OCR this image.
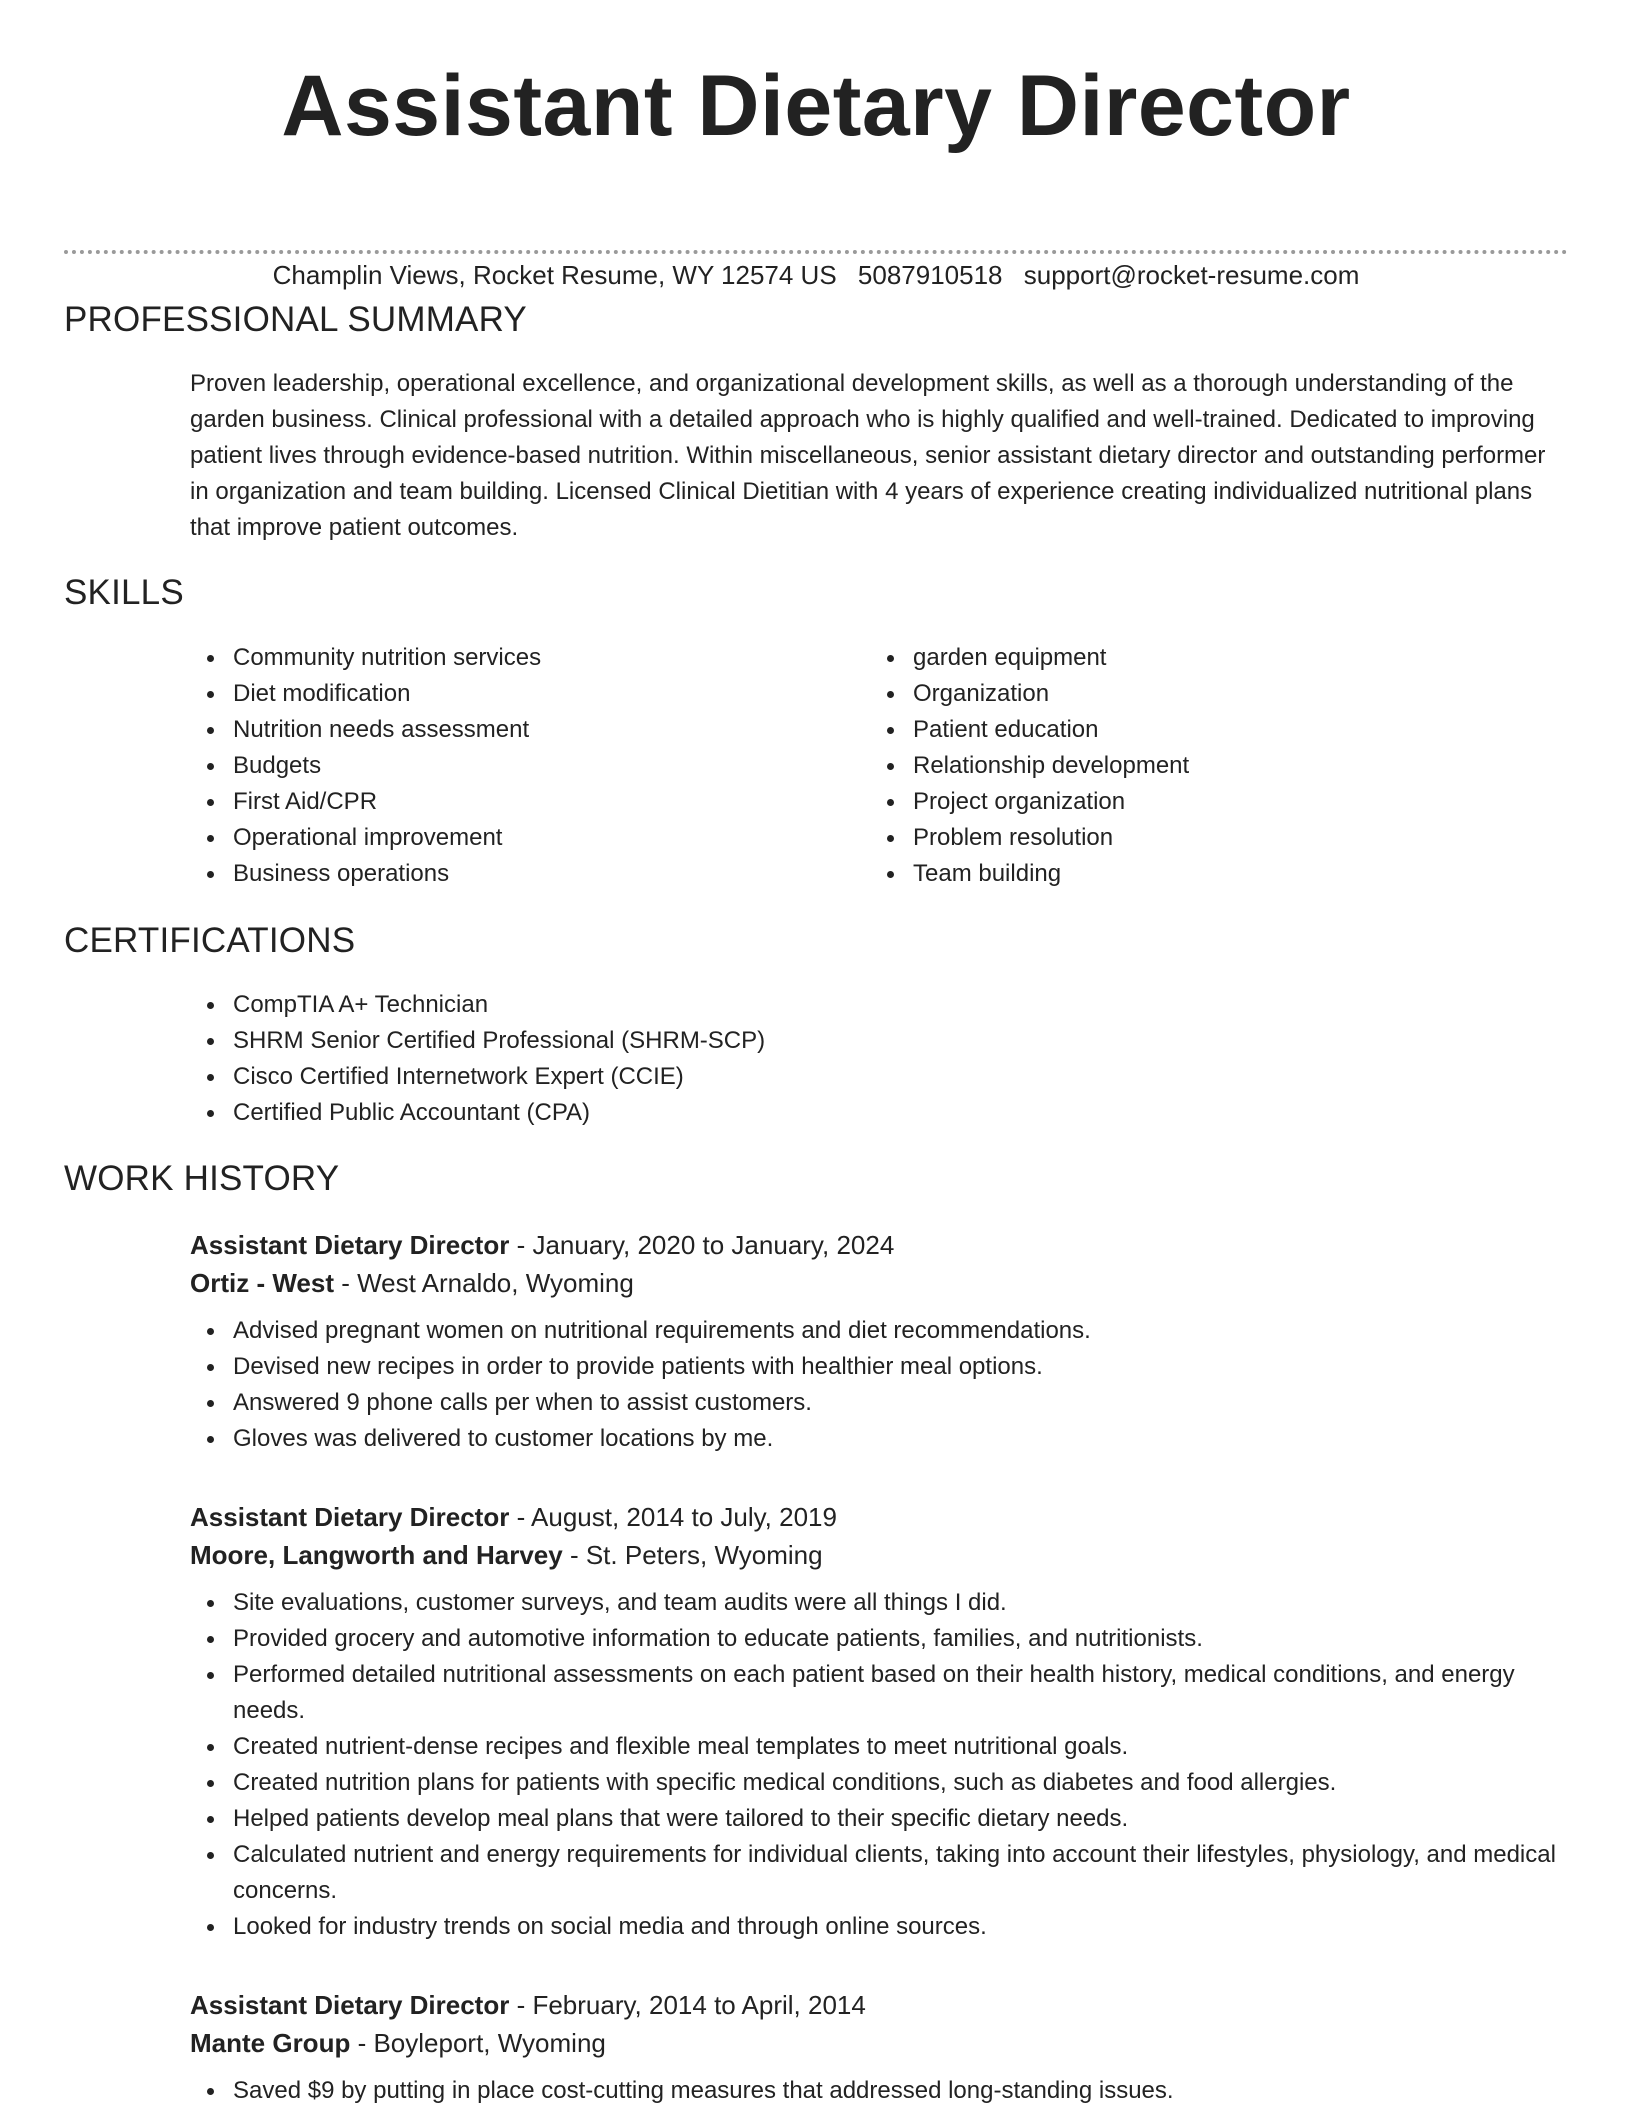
Assistant Dietary Director
Champlin Views, Rocket Resume, WY 12574 US 5087910518 support@rocket-resume.com
PROFESSIONAL SUMMARY

Proven leadership, operational excellence, and organizational development skills, as well as a thorough understanding of the garden business. Clinical professional with a detailed approach who is highly qualified and well-trained. Dedicated to improving patient lives through evidence-based nutrition. Within miscellaneous, senior assistant dietary director and outstanding performer in organization and team building. Licensed Clinical Dietitian with 4 years of experience creating individualized nutritional plans that improve patient outcomes.

SKILLS
Community nutrition services
Diet modification
Nutrition needs assessment
Budgets
First Aid/CPR
Operational improvement
Business operations
garden equipment
Organization
Patient education
Relationship development
Project organization
Problem resolution
Team building
CERTIFICATIONS
CompTIA A+ Technician
SHRM Senior Certified Professional (SHRM-SCP)
Cisco Certified Internetwork Expert (CCIE)
Certified Public Accountant (CPA)
WORK HISTORY

Assistant Dietary Director - January, 2020 to January, 2024

Ortiz - West - West Arnaldo, Wyoming

Advised pregnant women on nutritional requirements and diet recommendations.
Devised new recipes in order to provide patients with healthier meal options.
Answered 9 phone calls per when to assist customers.
Gloves was delivered to customer locations by me.

Assistant Dietary Director - August, 2014 to July, 2019

Moore, Langworth and Harvey - St. Peters, Wyoming

Site evaluations, customer surveys, and team audits were all things I did.
Provided grocery and automotive information to educate patients, families, and nutritionists.
Performed detailed nutritional assessments on each patient based on their health history, medical conditions, and energy needs.
Created nutrient-dense recipes and flexible meal templates to meet nutritional goals.
Created nutrition plans for patients with specific medical conditions, such as diabetes and food allergies.
Helped patients develop meal plans that were tailored to their specific dietary needs.
Calculated nutrient and energy requirements for individual clients, taking into account their lifestyles, physiology, and medical concerns.
Looked for industry trends on social media and through online sources.

Assistant Dietary Director - February, 2014 to April, 2014

Mante Group - Boyleport, Wyoming

Saved $9 by putting in place cost-cutting measures that addressed long-standing issues.
